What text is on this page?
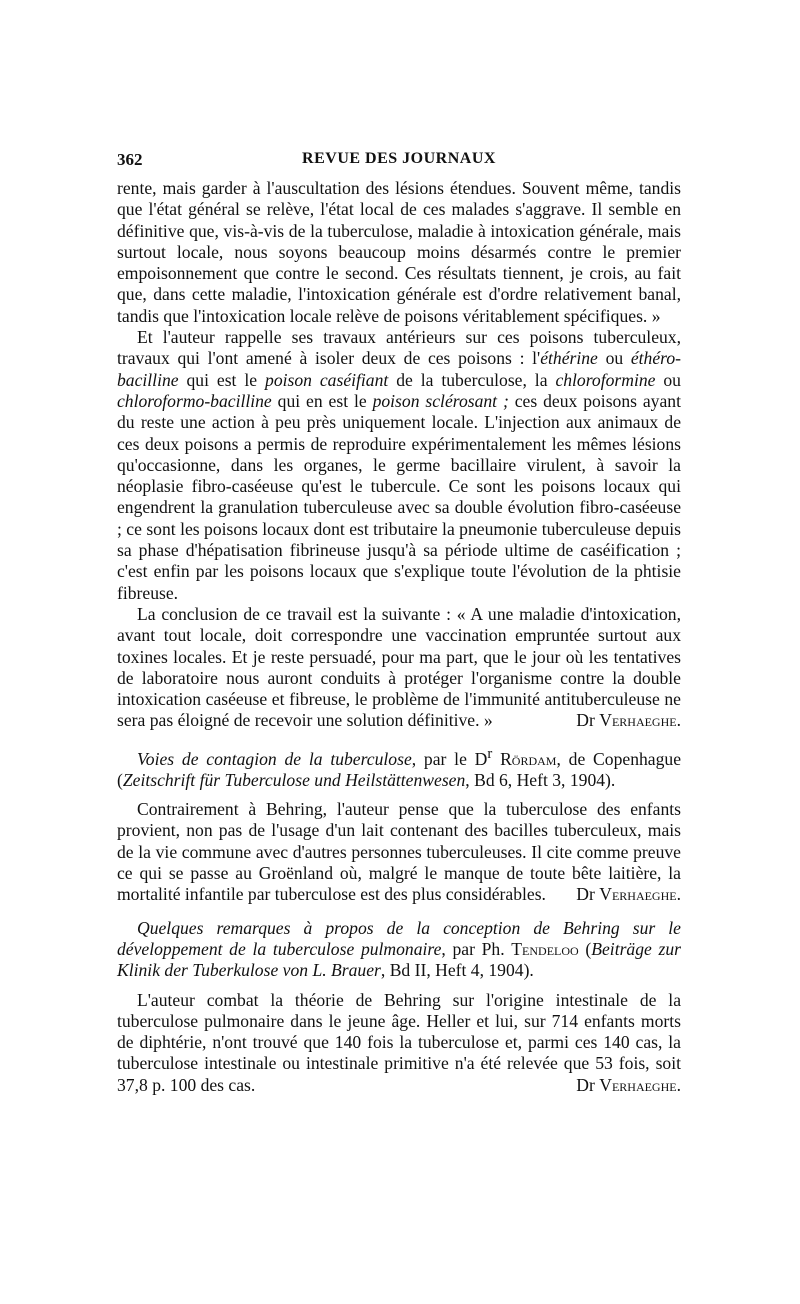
362	REVUE DES JOURNAUX

rente, mais garder à l'auscultation des lésions étendues. Souvent même, tandis que l'état général se relève, l'état local de ces malades s'aggrave. Il semble en définitive que, vis-à-vis de la tuberculose, maladie à intoxication générale, mais surtout locale, nous soyons beaucoup moins désarmés contre le premier empoisonnement que contre le second. Ces résultats tiennent, je crois, au fait que, dans cette maladie, l'intoxication générale est d'ordre relativement banal, tandis que l'intoxication locale relève de poisons véritablement spécifiques. »

Et l'auteur rappelle ses travaux antérieurs sur ces poisons tuberculeux, travaux qui l'ont amené à isoler deux de ces poisons : l'éthérine ou éthéro-bacilline qui est le poison caséifiant de la tuberculose, la chloroformine ou chloroformo-bacilline qui en est le poison sclérosant ; ces deux poisons ayant du reste une action à peu près uniquement locale. L'injection aux animaux de ces deux poisons a permis de reproduire expérimentalement les mêmes lésions qu'occasionne, dans les organes, le germe bacillaire virulent, à savoir la néoplasie fibro-caséeuse qu'est le tubercule. Ce sont les poisons locaux qui engendrent la granulation tuberculeuse avec sa double évolution fibro-caséeuse ; ce sont les poisons locaux dont est tributaire la pneumonie tuberculeuse depuis sa phase d'hépatisation fibrineuse jusqu'à sa période ultime de caséification ; c'est enfin par les poisons locaux que s'explique toute l'évolution de la phtisie fibreuse.

La conclusion de ce travail est la suivante : « A une maladie d'intoxication, avant tout locale, doit correspondre une vaccination empruntée surtout aux toxines locales. Et je reste persuadé, pour ma part, que le jour où les tentatives de laboratoire nous auront conduits à protéger l'organisme contre la double intoxication caséeuse et fibreuse, le problème de l'immunité antituberculeuse ne sera pas éloigné de recevoir une solution définitive. »	Dr Verhaeghe.

Voies de contagion de la tuberculose, par le $D^r$ Rördam, de Copenhague (Zeitschrift für Tuberculose und Heilstättenwesen, Bd 6, Heft 3, 1904).

Contrairement à Behring, l'auteur pense que la tuberculose des enfants provient, non pas de l'usage d'un lait contenant des bacilles tuberculeux, mais de la vie commune avec d'autres personnes tuberculeuses. Il cite comme preuve ce qui se passe au Groënland où, malgré le manque de toute bête laitière, la mortalité infantile par tuberculose est des plus considérables.	Dr Verhaeghe.

Quelques remarques à propos de la conception de Behring sur le développement de la tuberculose pulmonaire, par Ph. Tendeloo (Beiträge zur Klinik der Tuberkulose von L. Brauer, Bd II, Heft 4, 1904).

L'auteur combat la théorie de Behring sur l'origine intestinale de la tuberculose pulmonaire dans le jeune âge. Heller et lui, sur 714 enfants morts de diphtérie, n'ont trouvé que 140 fois la tuberculose et, parmi ces 140 cas, la tuberculose intestinale ou intestinale primitive n'a été relevée que 53 fois, soit 37,8 p. 100 des cas.	Dr Verhaeghe.
